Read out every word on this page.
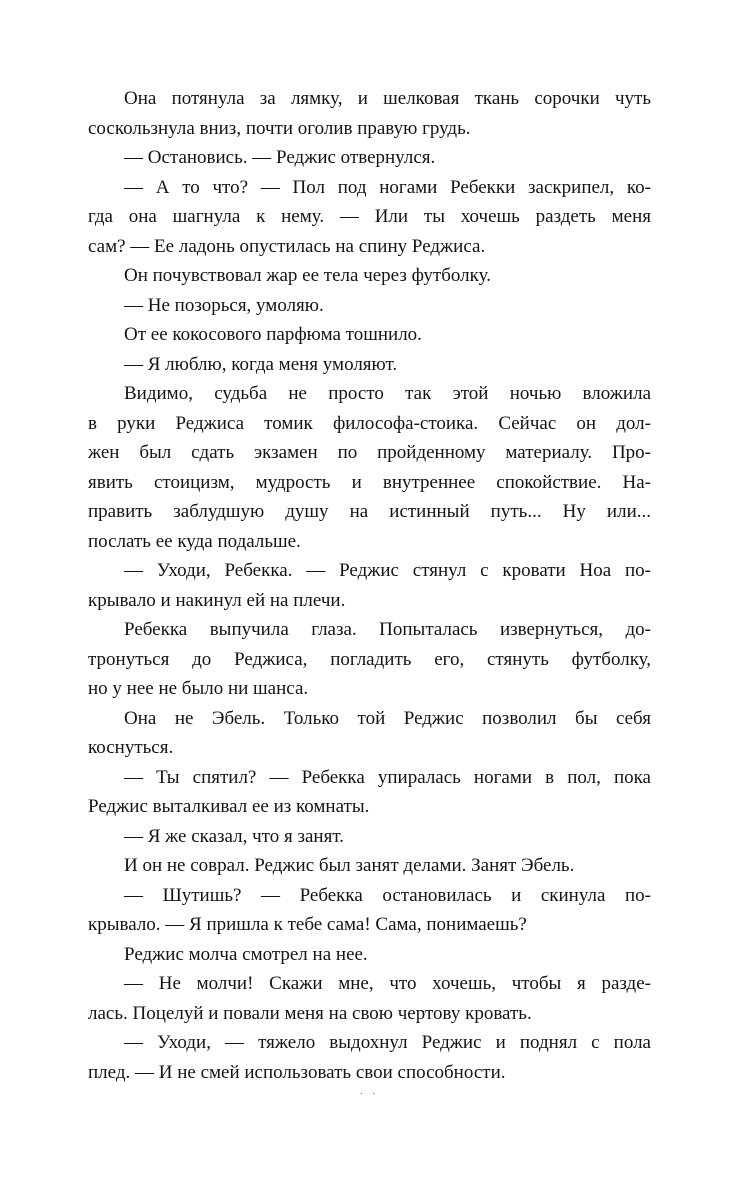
Она потянула за лямку, и шелковая ткань сорочки чуть
соскользнула вниз, почти оголив правую грудь.
— Остановись. — Реджис отвернулся.
— А то что? — Пол под ногами Ребекки заскрипел, ко-
гда она шагнула к нему. — Или ты хочешь раздеть меня
сам? — Ее ладонь опустилась на спину Реджиса.
Он почувствовал жар ее тела через футболку.
— Не позорься, умоляю.
От ее кокосового парфюма тошнило.
— Я люблю, когда меня умоляют.
Видимо, судьба не просто так этой ночью вложила
в руки Реджиса томик философа-стоика. Сейчас он дол-
жен был сдать экзамен по пройденному материалу. Про-
явить стоицизм, мудрость и внутреннее спокойствие. На-
править заблудшую душу на истинный путь... Ну или...
послать ее куда подальше.
— Уходи, Ребекка. — Реджис стянул с кровати Ноа по-
крывало и накинул ей на плечи.
Ребекка выпучила глаза. Попыталась извернуться, до-
тронуться до Реджиса, погладить его, стянуть футболку,
но у нее не было ни шанса.
Она не Эбель. Только той Реджис позволил бы себя
коснуться.
— Ты спятил? — Ребекка упиралась ногами в пол, пока
Реджис выталкивал ее из комнаты.
— Я же сказал, что я занят.
И он не соврал. Реджис был занят делами. Занят Эбель.
— Шутишь? — Ребекка остановилась и скинула по-
крывало. — Я пришла к тебе сама! Сама, понимаешь?
Реджис молча смотрел на нее.
— Не молчи! Скажи мне, что хочешь, чтобы я разде-
лась. Поцелуй и повали меня на свою чертову кровать.
— Уходи, — тяжело выдохнул Реджис и поднял с пола
плед. — И не смей использовать свои способности.
· ·
